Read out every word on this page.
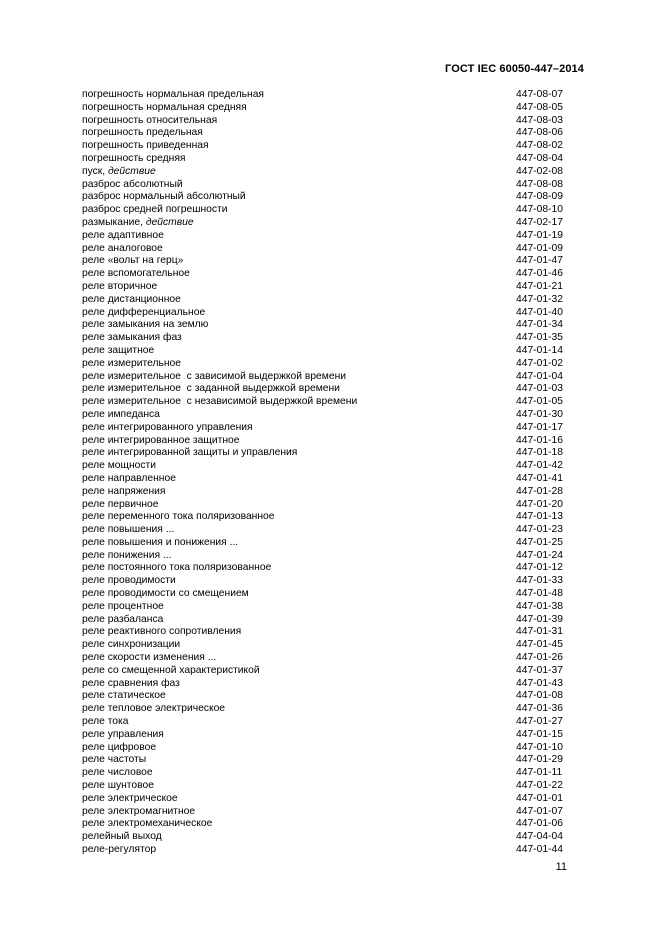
ГОСТ IEC 60050-447–2014
погрешность нормальная предельная	447-08-07
погрешность нормальная средняя	447-08-05
погрешность относительная	447-08-03
погрешность предельная	447-08-06
погрешность приведенная	447-08-02
погрешность средняя	447-08-04
пуск, действие	447-02-08
разброс абсолютный	447-08-08
разброс нормальный абсолютный	447-08-09
разброс средней погрешности	447-08-10
размыкание, действие	447-02-17
реле адаптивное	447-01-19
реле аналоговое	447-01-09
реле «вольт на герц»	447-01-47
реле вспомогательное	447-01-46
реле вторичное	447-01-21
реле дистанционное	447-01-32
реле дифференциальное	447-01-40
реле замыкания на землю	447-01-34
реле замыкания фаз	447-01-35
реле защитное	447-01-14
реле измерительное	447-01-02
реле измерительное  с зависимой выдержкой времени	447-01-04
реле измерительное  с заданной выдержкой времени	447-01-03
реле измерительное  с независимой выдержкой времени	447-01-05
реле импеданса	447-01-30
реле интегрированного управления	447-01-17
реле интегрированное защитное	447-01-16
реле интегрированной защиты и управления	447-01-18
реле мощности	447-01-42
реле направленное	447-01-41
реле напряжения	447-01-28
реле первичное	447-01-20
реле переменного тока поляризованное	447-01-13
реле повышения ...	447-01-23
реле повышения и понижения ...	447-01-25
реле понижения ...	447-01-24
реле постоянного тока поляризованное	447-01-12
реле проводимости	447-01-33
реле проводимости со смещением	447-01-48
реле процентное	447-01-38
реле разбаланса	447-01-39
реле реактивного сопротивления	447-01-31
реле синхронизации	447-01-45
реле скорости изменения ...	447-01-26
реле со смещенной характеристикой	447-01-37
реле сравнения фаз	447-01-43
реле статическое	447-01-08
реле тепловое электрическое	447-01-36
реле тока	447-01-27
реле управления	447-01-15
реле цифровое	447-01-10
реле частоты	447-01-29
реле числовое	447-01-11
реле шунтовое	447-01-22
реле электрическое	447-01-01
реле электромагнитное	447-01-07
реле электромеханическое	447-01-06
релейный выход	447-04-04
реле-регулятор	447-01-44
11
